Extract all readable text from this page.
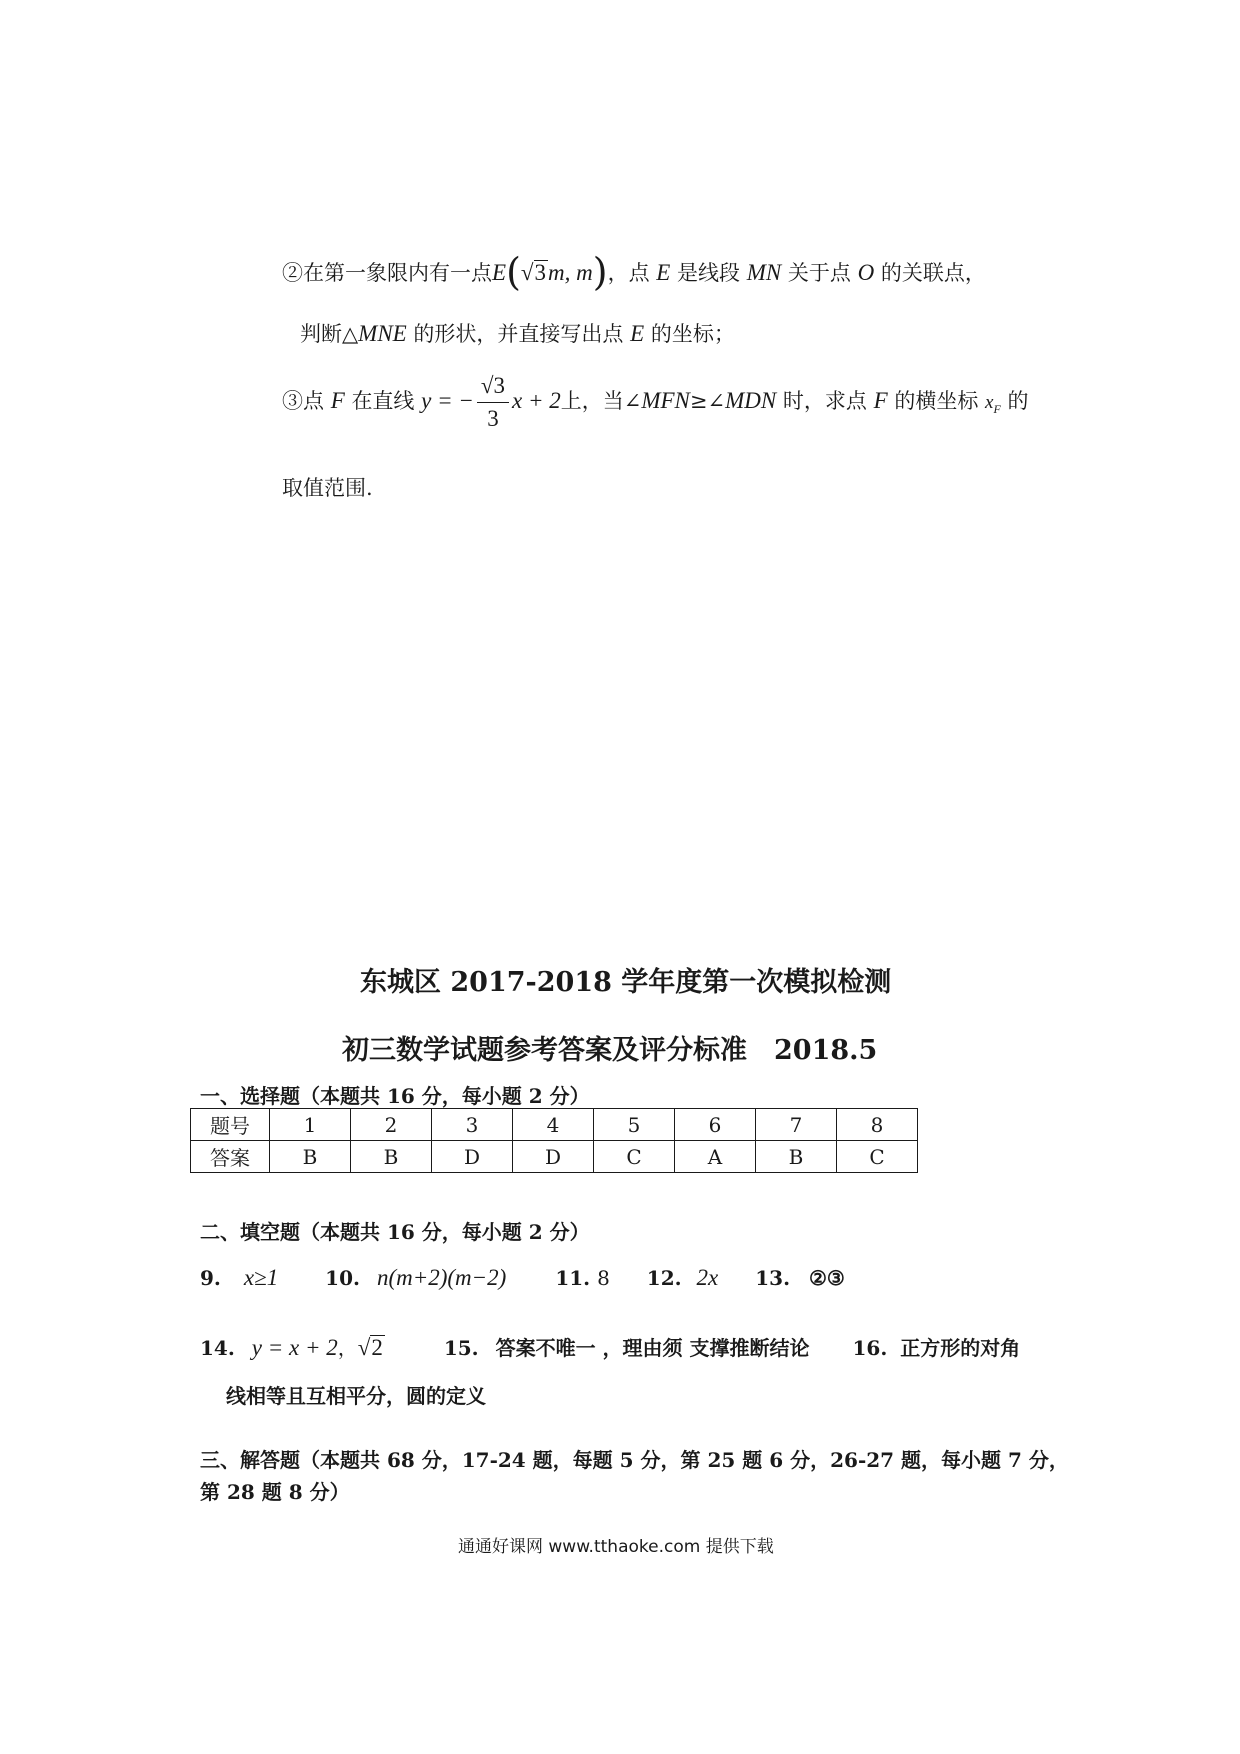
②在第一象限内有一点E(√3m, m)，点 E 是线段 MN 关于点 O 的关联点，
判断△MNE 的形状，并直接写出点 E 的坐标；
③点 F 在直线 y = − $\frac{√3}{3}$ x + 2上，当∠MFN≥∠MDN 时，求点 F 的横坐标 $x_F$ 的
取值范围.
东城区 2017-2018 学年度第一次模拟检测
初三数学试题参考答案及评分标准　2018.5
一、选择题（本题共 16 分，每小题 2 分）
题号	1	2	3	4	5	6	7	8
答案	B	B	D	D	C	A	B	C
二、填空题（本题共 16 分，每小题 2 分）
9. x≥1 10. n(m+2)(m−2) 11. 8 12. 2x 13. ②③
14. y = x + 2，√2	15. 答案不唯一 ，理由须 支撑推断结论 16. 正方形的对角
线相等且互相平分，圆的定义
三、解答题（本题共 68 分，17-24 题，每题 5 分，第 25 题 6 分，26-27 题，每小题 7 分，
第 28 题 8 分）
通通好课网 www.tthaoke.com 提供下载
